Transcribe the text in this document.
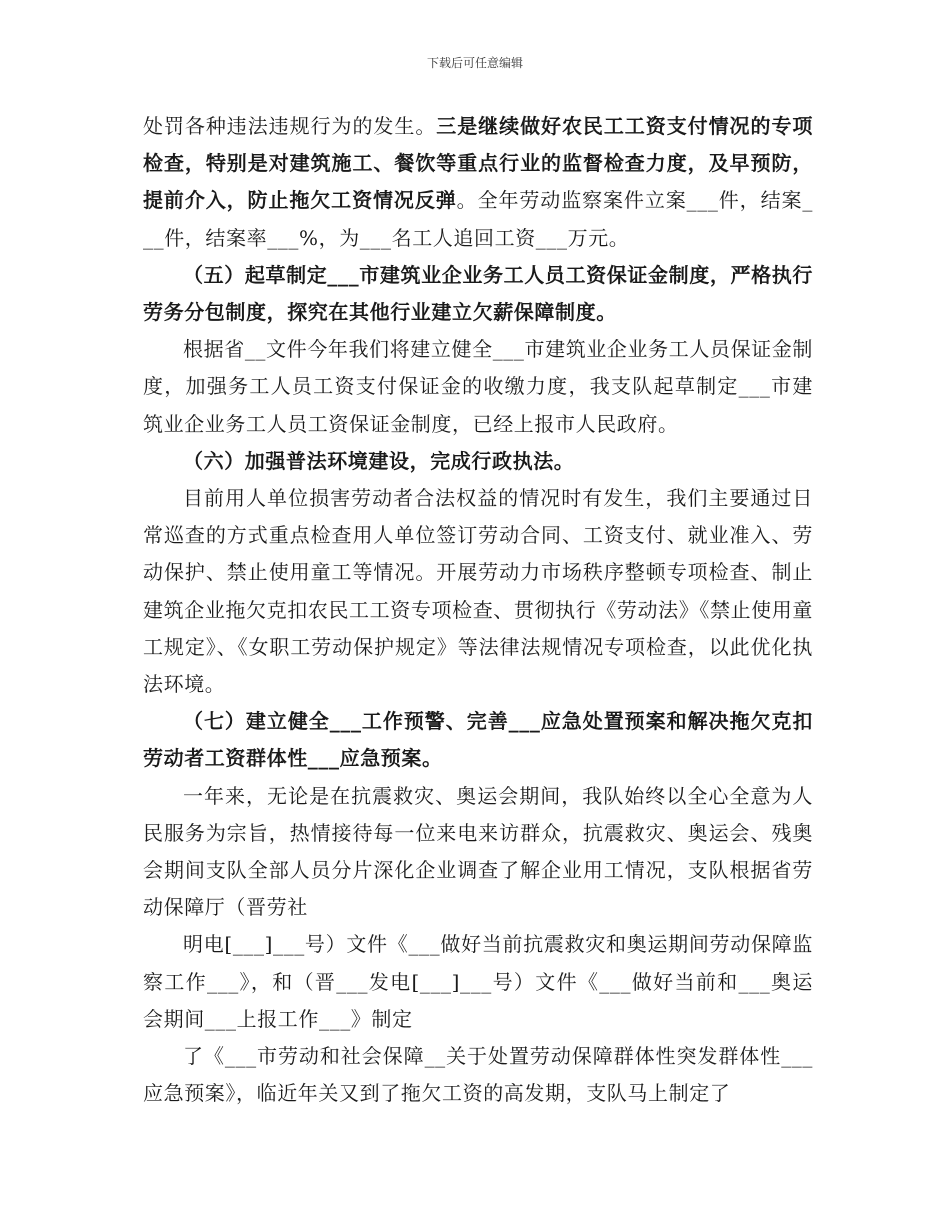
下载后可任意编辑

处罚各种违法违规行为的发生。三是继续做好农民工工资支付情况的专项检查，特别是对建筑施工、餐饮等重点行业的监督检查力度，及早预防，提前介入，防止拖欠工资情况反弹。全年劳动监察案件立案___件，结案___件，结案率___%，为___名工人追回工资___万元。

（五）起草制定___市建筑业企业务工人员工资保证金制度，严格执行劳务分包制度，探究在其他行业建立欠薪保障制度。

根据省__文件今年我们将建立健全___市建筑业企业务工人员保证金制度，加强务工人员工资支付保证金的收缴力度，我支队起草制定___市建筑业企业务工人员工资保证金制度，已经上报市人民政府。

（六）加强普法环境建设，完成行政执法。

目前用人单位损害劳动者合法权益的情况时有发生，我们主要通过日常巡查的方式重点检查用人单位签订劳动合同、工资支付、就业准入、劳动保护、禁止使用童工等情况。开展劳动力市场秩序整顿专项检查、制止建筑企业拖欠克扣农民工工资专项检查、贯彻执行《劳动法》《禁止使用童工规定》、《女职工劳动保护规定》等法律法规情况专项检查，以此优化执法环境。

（七）建立健全___工作预警、完善___应急处置预案和解决拖欠克扣劳动者工资群体性___应急预案。

一年来，无论是在抗震救灾、奥运会期间，我队始终以全心全意为人民服务为宗旨，热情接待每一位来电来访群众，抗震救灾、奥运会、残奥会期间支队全部人员分片深化企业调查了解企业用工情况，支队根据省劳动保障厅（晋劳社

明电[___]___号）文件《___做好当前抗震救灾和奥运期间劳动保障监察工作___》，和（晋___发电[___]___号）文件《___做好当前和___奥运会期间___上报工作___》制定

了《___市劳动和社会保障__关于处置劳动保障群体性突发群体性___应急预案》，临近年关又到了拖欠工资的高发期，支队马上制定了
